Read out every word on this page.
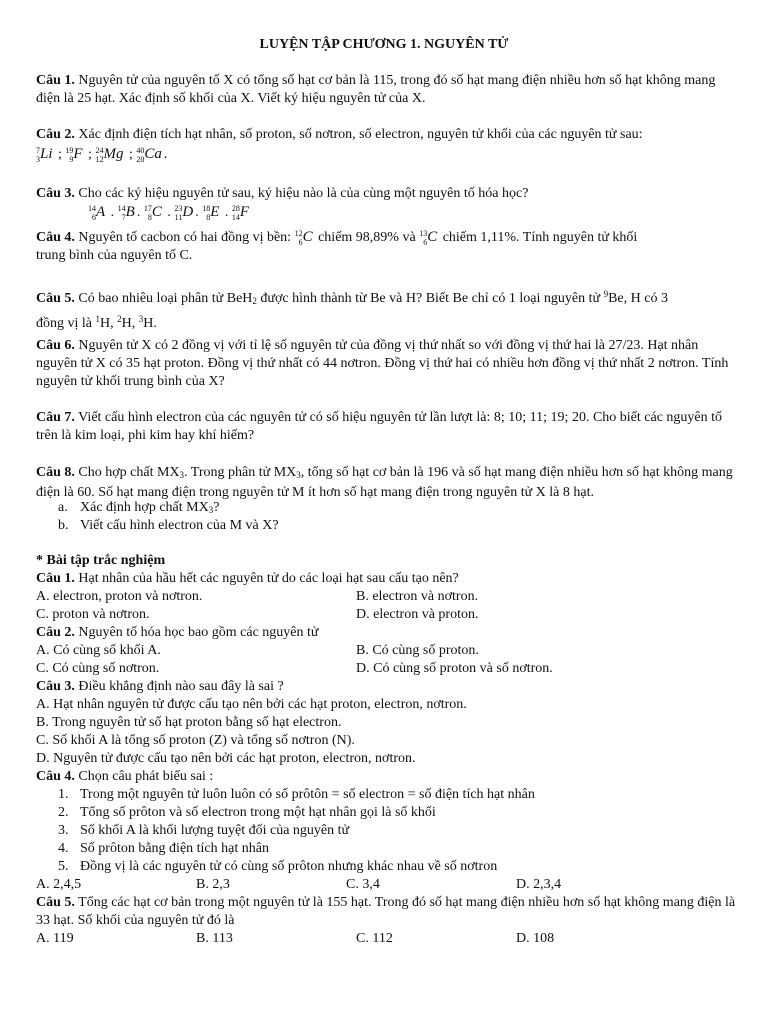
LUYỆN TẬP CHƯƠNG 1. NGUYÊN TỬ
Câu 1. Nguyên tử của nguyên tố X có tổng số hạt cơ bản là 115, trong đó số hạt mang điện nhiều hơn số hạt không mang điện là 25 hạt. Xác định số khối của X. Viết ký hiệu nguyên tử của X.
Câu 2. Xác định điện tích hạt nhân, số proton, số nơtron, số electron, nguyên tử khối của các nguyên tử sau:
7
3 Li ; 19
9 F ; 24
12 Mg ; 40
20 Ca .
Câu 3. Cho các ký hiệu nguyên tử sau, ký hiệu nào là của cùng một nguyên tố hóa học?
14
6 A . 14
7 B . 17
8 C . 23
11 D . 18
8 E . 28
14 F
Câu 4. Nguyên tố cacbon có hai đồng vị bền: 12
6 C chiếm 98,89% và 13
6 C chiếm 1,11%. Tính nguyên tử khối
trung bình của nguyên tố C.
Câu 5. Có bao nhiêu loại phân tử BeH$_2$ được hình thành từ Be và H? Biết Be chỉ có 1 loại nguyên tử $^9$Be, H có 3
đồng vị là $^1$H, $^2$H, $^3$H.
Câu 6. Nguyên tử X có 2 đồng vị với tỉ lệ số nguyên tử của đồng vị thứ nhất so với đồng vị thứ hai là 27/23. Hạt nhân nguyên tử X có 35 hạt proton. Đồng vị thứ nhất có 44 nơtron. Đồng vị thứ hai có nhiều hơn đồng vị thứ nhất 2 nơtron. Tính nguyên tử khối trung bình của X?
Câu 7. Viết cấu hình electron của các nguyên tử có số hiệu nguyên tử lần lượt là: 8; 10; 11; 19; 20. Cho biết các nguyên tố trên là kim loại, phi kim hay khí hiếm?
Câu 8. Cho hợp chất $MX_3$. Trong phân tử $MX_3$, tổng số hạt cơ bản là 196 và số hạt mang điện nhiều hơn số hạt không mang điện là 60. Số hạt mang điện trong nguyên tử M ít hơn số hạt mang điện trong nguyên tử X là 8 hạt.
a. Xác định hợp chất $MX_3$?
b. Viết cấu hình electron của M và X?
* Bài tập trắc nghiệm
Câu 1. Hạt nhân của hầu hết các nguyên tử do các loại hạt sau cấu tạo nên?
A. electron, proton và nơtron.	B. electron và nơtron.
C. proton và nơtron.	D. electron và proton.
Câu 2. Nguyên tố hóa học bao gồm các nguyên tử
A. Có cùng số khối A.	B. Có cùng số proton.
C. Có cùng số nơtron.	D. Có cùng số proton và số nơtron.
Câu 3. Điều khẳng định nào sau đây là sai ?
A. Hạt nhân nguyên tử được cấu tạo nên bởi các hạt proton, electron, nơtron.
B. Trong nguyên tử số hạt proton bằng số hạt electron.
C. Số khối A là tổng số proton (Z) và tổng số nơtron (N).
D. Nguyên tử được cấu tạo nên bởi các hạt proton, electron, nơtron.
Câu 4. Chọn câu phát biểu sai :
1. Trong một nguyên tử luôn luôn có số prôtôn = số electron = số điện tích hạt nhân
2. Tổng số prôton và số electron trong một hạt nhân gọi là số khối
3. Số khối A là khối lượng tuyệt đối của nguyên tử
4. Số prôton bằng điện tích hạt nhân
5. Đồng vị là các nguyên tử có cùng số prôton nhưng khác nhau về số nơtron
A. 2,4,5	B. 2,3	C. 3,4	D. 2,3,4
Câu 5. Tổng các hạt cơ bản trong một nguyên tử là 155 hạt. Trong đó số hạt mang điện nhiều hơn số hạt không mang điện là 33 hạt. Số khối của nguyên tử đó là
A. 119	B. 113	C. 112	D. 108
